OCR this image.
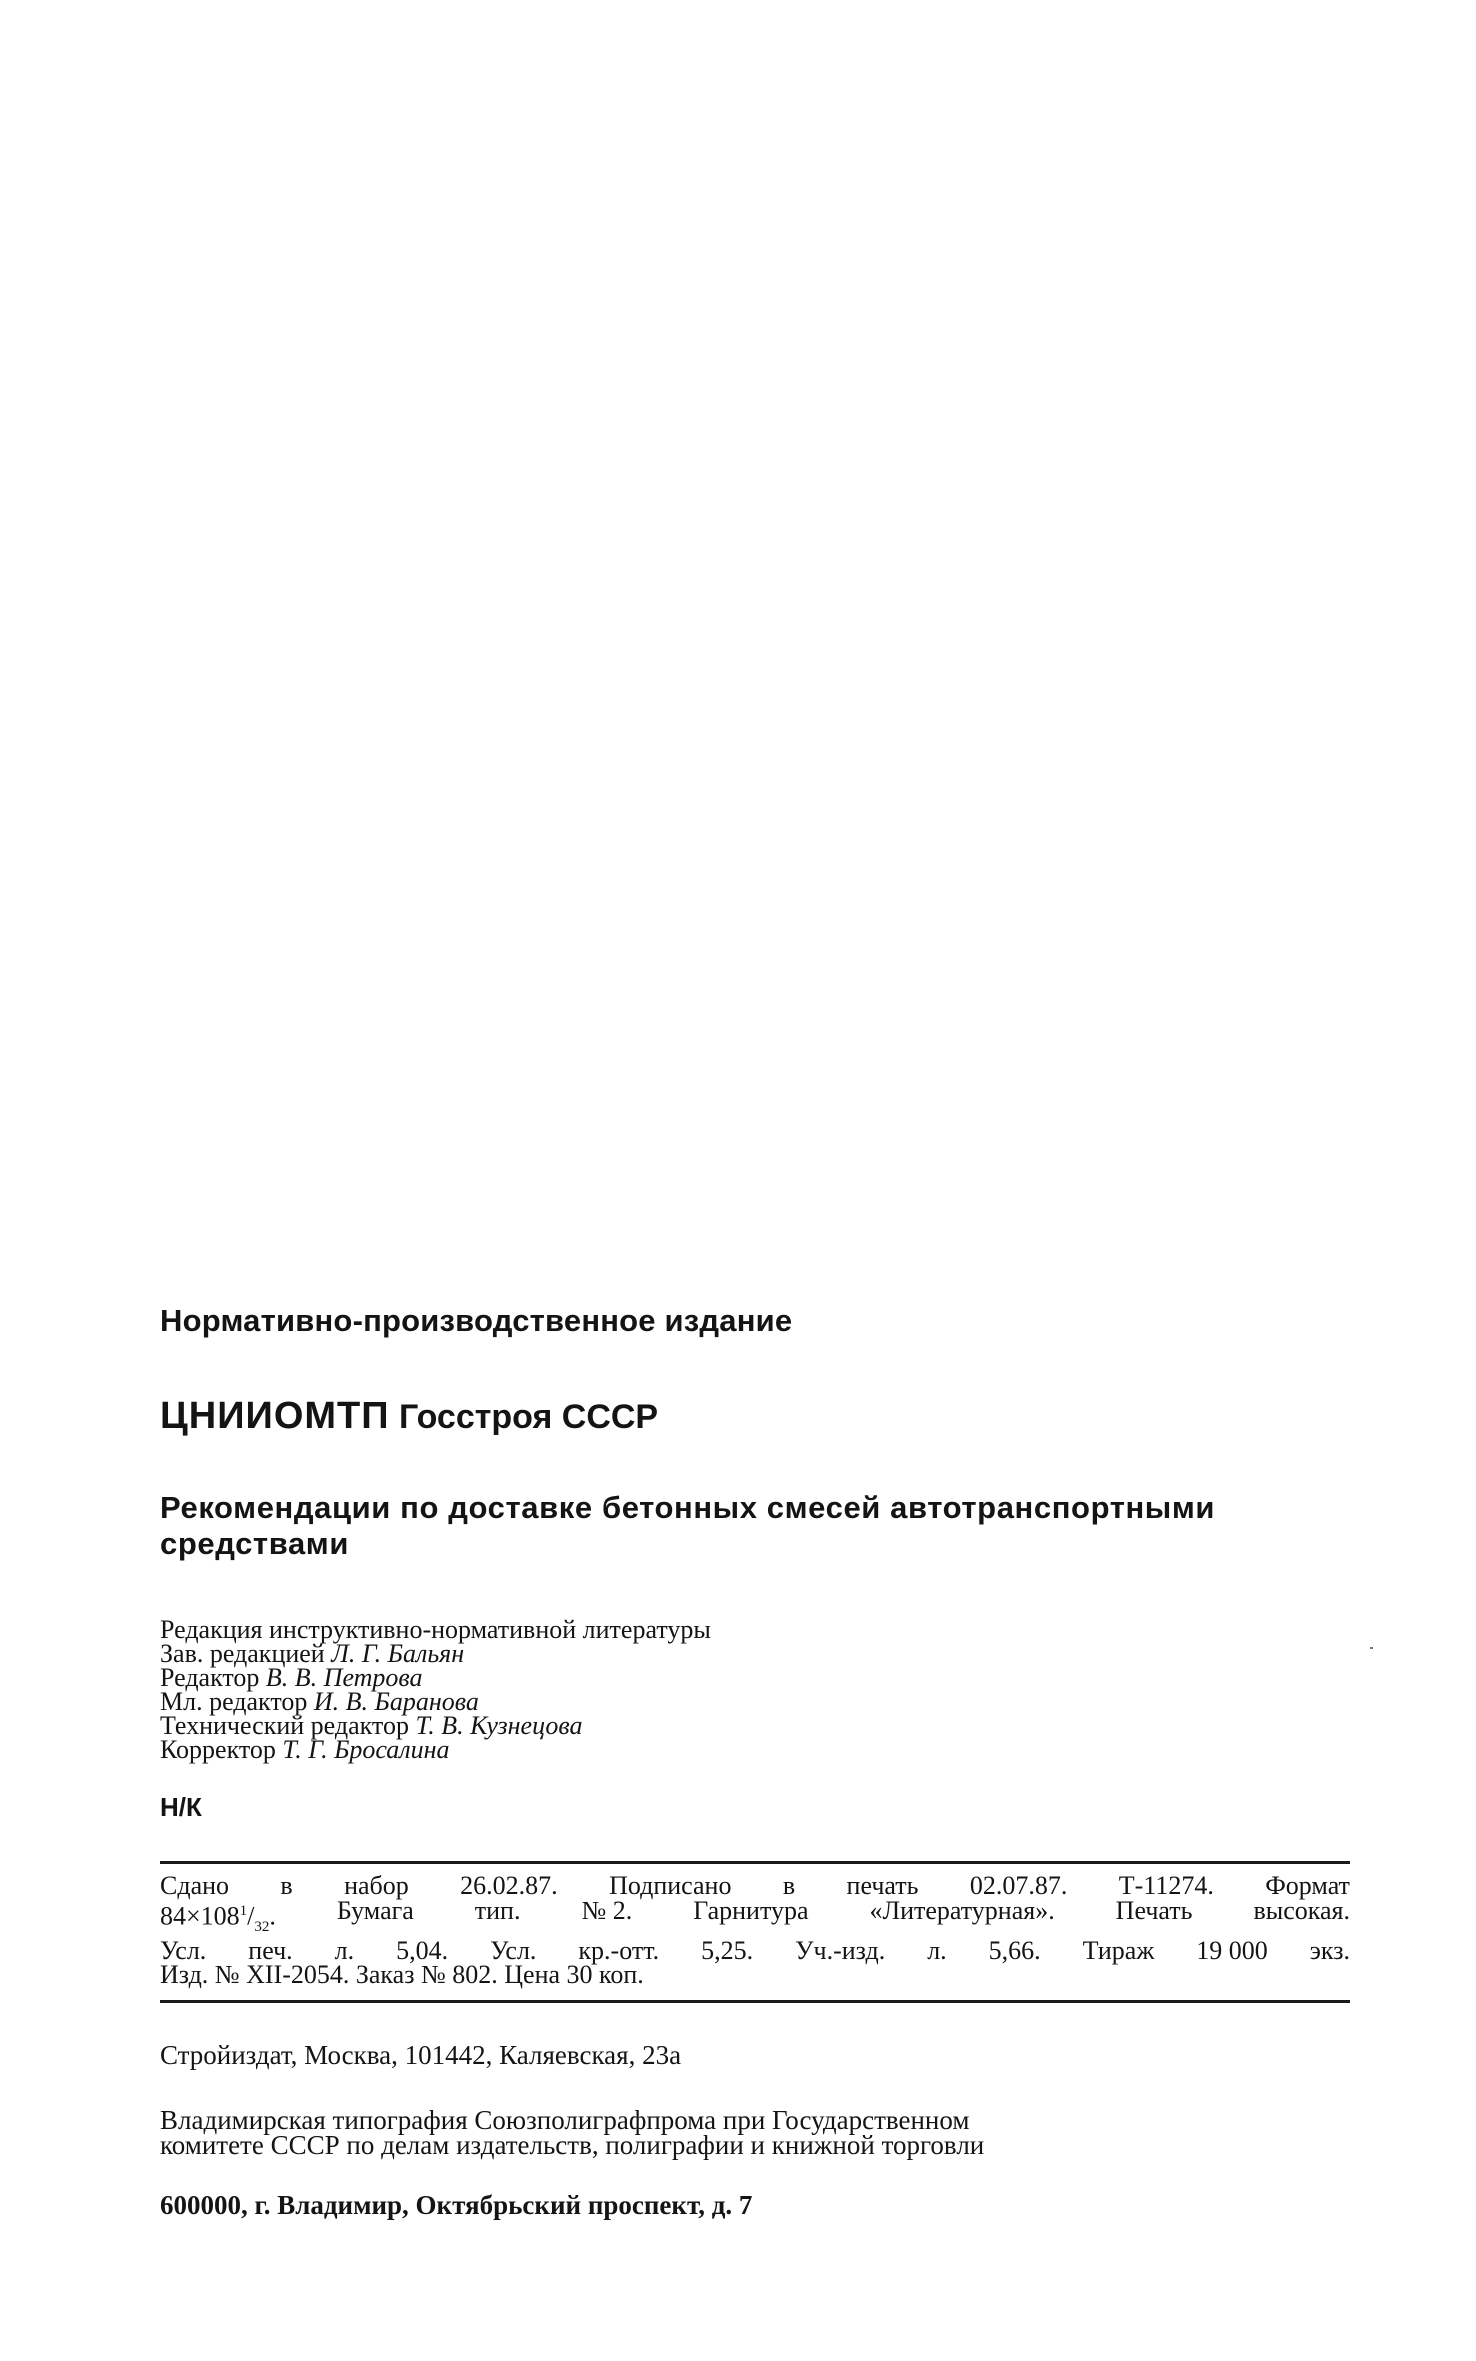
Нормативно-производственное издание
ЦНИИОМТП Госстроя СССР
Рекомендации по доставке бетонных смесей автотранспортными
средствами
Редакция инструктивно-нормативной литературы
Зав. редакцией Л. Г. Бальян
Редактор В. В. Петрова
Мл. редактор И. В. Баранова
Технический редактор Т. В. Кузнецова
Корректор Т. Г. Бросалина
Н/К
Сдано в набор 26.02.87. Подписано в печать 02.07.87. Т-11274. Формат
$84\times 108^1/_{32}$. Бумага тип. № 2. Гарнитура «Литературная». Печать высокая.
Усл. печ. л. 5,04. Усл. кр.-отт. 5,25. Уч.-изд. л. 5,66. Тираж 19 000 экз.
Изд. № XII-2054. Заказ № 802. Цена 30 коп.
Стройиздат, Москва, 101442, Каляевская, 23а
Владимирская типография Союзполиграфпрома при Государственном
комитете СССР по делам издательств, полиграфии и книжной торговли
600000, г. Владимир, Октябрьский проспект, д. 7
